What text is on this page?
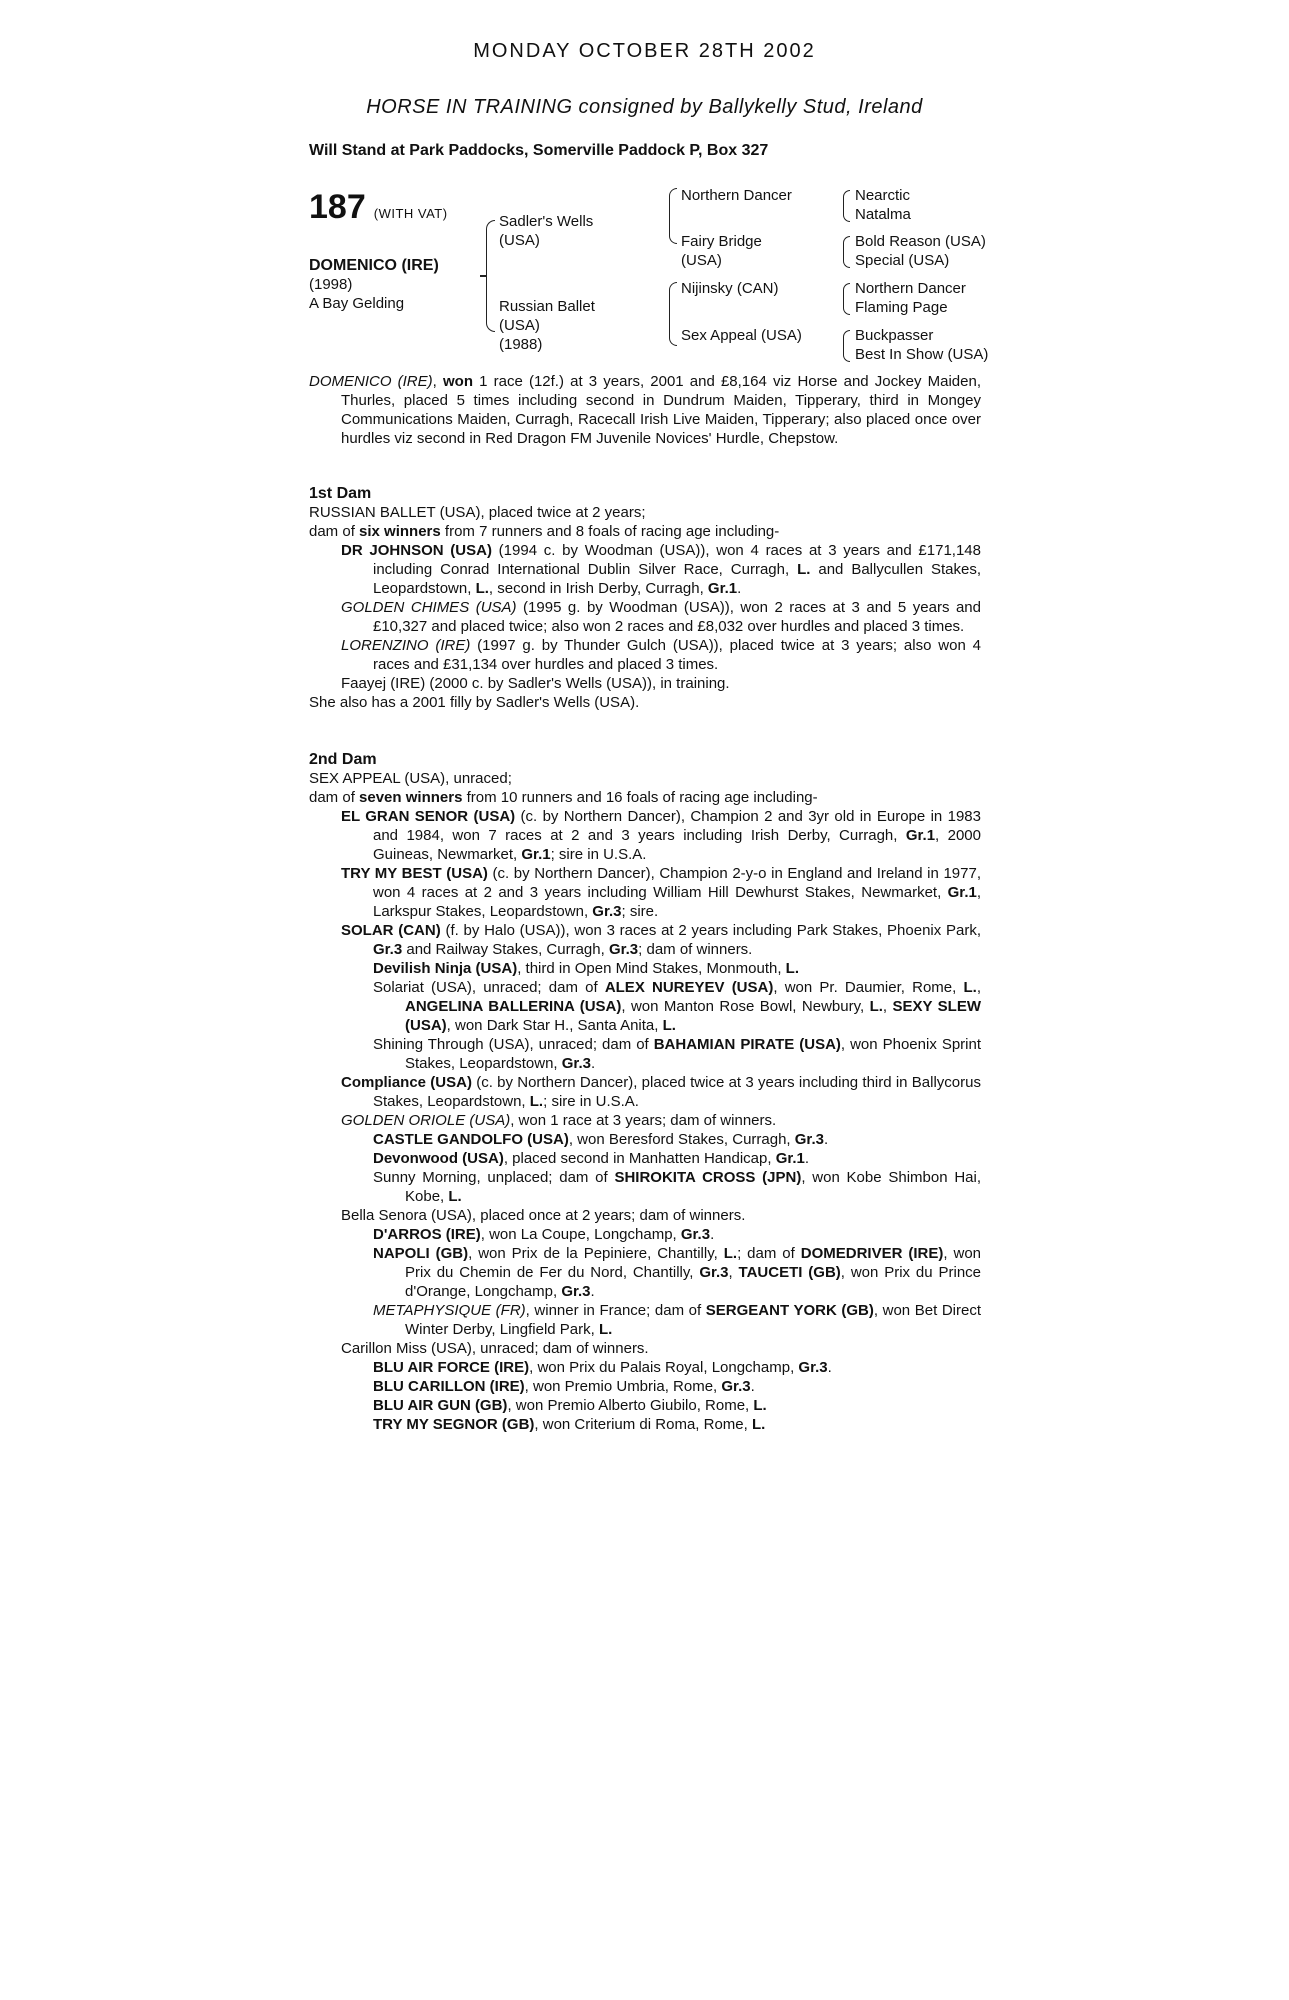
MONDAY OCTOBER 28TH 2002
HORSE IN TRAINING consigned by Ballykelly Stud, Ireland
Will Stand at Park Paddocks, Somerville Paddock P, Box 327
187 (WITH VAT)
DOMENICO (IRE)
(1998)
A Bay Gelding
Sadler's Wells
(USA)
Russian Ballet
(USA)
(1988)
Northern Dancer
Fairy Bridge
(USA)
Nijinsky (CAN)
Sex Appeal (USA)
Nearctic
Natalma
Bold Reason (USA)
Special (USA)
Northern Dancer
Flaming Page
Buckpasser
Best In Show (USA)

DOMENICO (IRE), won 1 race (12f.) at 3 years, 2001 and £8,164 viz Horse and Jockey Maiden, Thurles, placed 5 times including second in Dundrum Maiden, Tipperary, third in Mongey Communications Maiden, Curragh, Racecall Irish Live Maiden, Tipperary; also placed once over hurdles viz second in Red Dragon FM Juvenile Novices' Hurdle, Chepstow.

1st Dam

RUSSIAN BALLET (USA), placed twice at 2 years;

dam of six winners from 7 runners and 8 foals of racing age including-

DR JOHNSON (USA) (1994 c. by Woodman (USA)), won 4 races at 3 years and £171,148 including Conrad International Dublin Silver Race, Curragh, L. and Ballycullen Stakes, Leopardstown, L., second in Irish Derby, Curragh, Gr.1.

GOLDEN CHIMES (USA) (1995 g. by Woodman (USA)), won 2 races at 3 and 5 years and £10,327 and placed twice; also won 2 races and £8,032 over hurdles and placed 3 times.

LORENZINO (IRE) (1997 g. by Thunder Gulch (USA)), placed twice at 3 years; also won 4 races and £31,134 over hurdles and placed 3 times.

Faayej (IRE) (2000 c. by Sadler's Wells (USA)), in training.

She also has a 2001 filly by Sadler's Wells (USA).

2nd Dam

SEX APPEAL (USA), unraced;

dam of seven winners from 10 runners and 16 foals of racing age including-

EL GRAN SENOR (USA) (c. by Northern Dancer), Champion 2 and 3yr old in Europe in 1983 and 1984, won 7 races at 2 and 3 years including Irish Derby, Curragh, Gr.1, 2000 Guineas, Newmarket, Gr.1; sire in U.S.A.

TRY MY BEST (USA) (c. by Northern Dancer), Champion 2-y-o in England and Ireland in 1977, won 4 races at 2 and 3 years including William Hill Dewhurst Stakes, Newmarket, Gr.1, Larkspur Stakes, Leopardstown, Gr.3; sire.

SOLAR (CAN) (f. by Halo (USA)), won 3 races at 2 years including Park Stakes, Phoenix Park, Gr.3 and Railway Stakes, Curragh, Gr.3; dam of winners.

Devilish Ninja (USA), third in Open Mind Stakes, Monmouth, L.

Solariat (USA), unraced; dam of ALEX NUREYEV (USA), won Pr. Daumier, Rome, L., ANGELINA BALLERINA (USA), won Manton Rose Bowl, Newbury, L., SEXY SLEW (USA), won Dark Star H., Santa Anita, L.

Shining Through (USA), unraced; dam of BAHAMIAN PIRATE (USA), won Phoenix Sprint Stakes, Leopardstown, Gr.3.

Compliance (USA) (c. by Northern Dancer), placed twice at 3 years including third in Ballycorus Stakes, Leopardstown, L.; sire in U.S.A.

GOLDEN ORIOLE (USA), won 1 race at 3 years; dam of winners.

CASTLE GANDOLFO (USA), won Beresford Stakes, Curragh, Gr.3.

Devonwood (USA), placed second in Manhatten Handicap, Gr.1.

Sunny Morning, unplaced; dam of SHIROKITA CROSS (JPN), won Kobe Shimbon Hai, Kobe, L.

Bella Senora (USA), placed once at 2 years; dam of winners.

D'ARROS (IRE), won La Coupe, Longchamp, Gr.3.

NAPOLI (GB), won Prix de la Pepiniere, Chantilly, L.; dam of DOMEDRIVER (IRE), won Prix du Chemin de Fer du Nord, Chantilly, Gr.3, TAUCETI (GB), won Prix du Prince d'Orange, Longchamp, Gr.3.

METAPHYSIQUE (FR), winner in France; dam of SERGEANT YORK (GB), won Bet Direct Winter Derby, Lingfield Park, L.

Carillon Miss (USA), unraced; dam of winners.

BLU AIR FORCE (IRE), won Prix du Palais Royal, Longchamp, Gr.3.

BLU CARILLON (IRE), won Premio Umbria, Rome, Gr.3.

BLU AIR GUN (GB), won Premio Alberto Giubilo, Rome, L.

TRY MY SEGNOR (GB), won Criterium di Roma, Rome, L.
